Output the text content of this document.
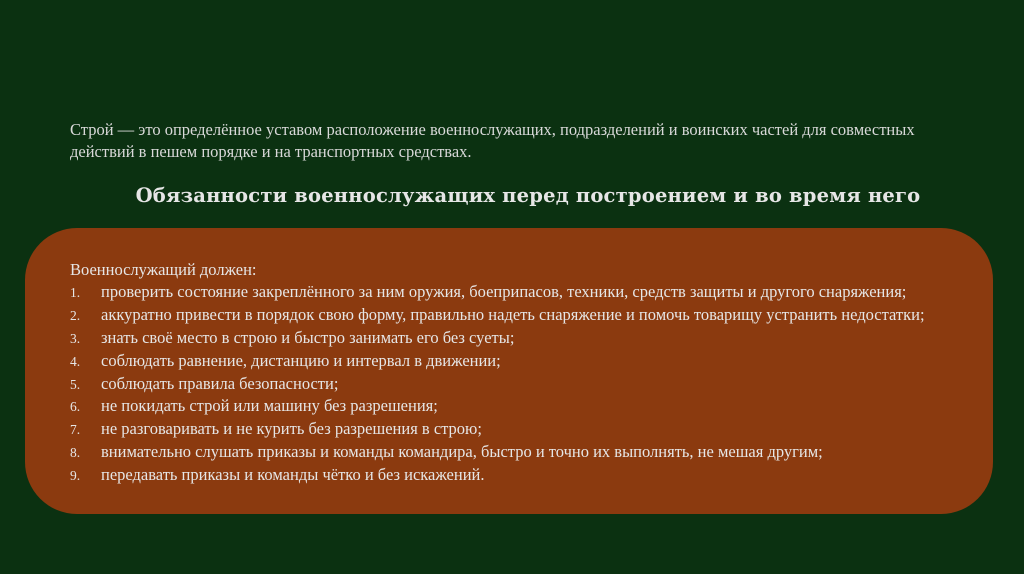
Строй — это определённое уставом расположение военнослужащих, подразделений и воинских частей для совместных
действий в пешем порядке и на транспортных средствах.
Обязанности военнослужащих перед построением и во время него
Военнослужащий должен:
1.	проверить состояние закреплённого за ним оружия, боеприпасов, техники, средств защиты и другого снаряжения;
2.	аккуратно привести в порядок свою форму, правильно надеть снаряжение и помочь товарищу устранить недостатки;
3.	знать своё место в строю и быстро занимать его без суеты;
4.	соблюдать равнение, дистанцию и интервал в движении;
5.	соблюдать правила безопасности;
6.	не покидать строй или машину без разрешения;
7.	не разговаривать и не курить без разрешения в строю;
8.	внимательно слушать приказы и команды командира, быстро и точно их выполнять, не мешая другим;
9.	передавать приказы и команды чётко и без искажений.
